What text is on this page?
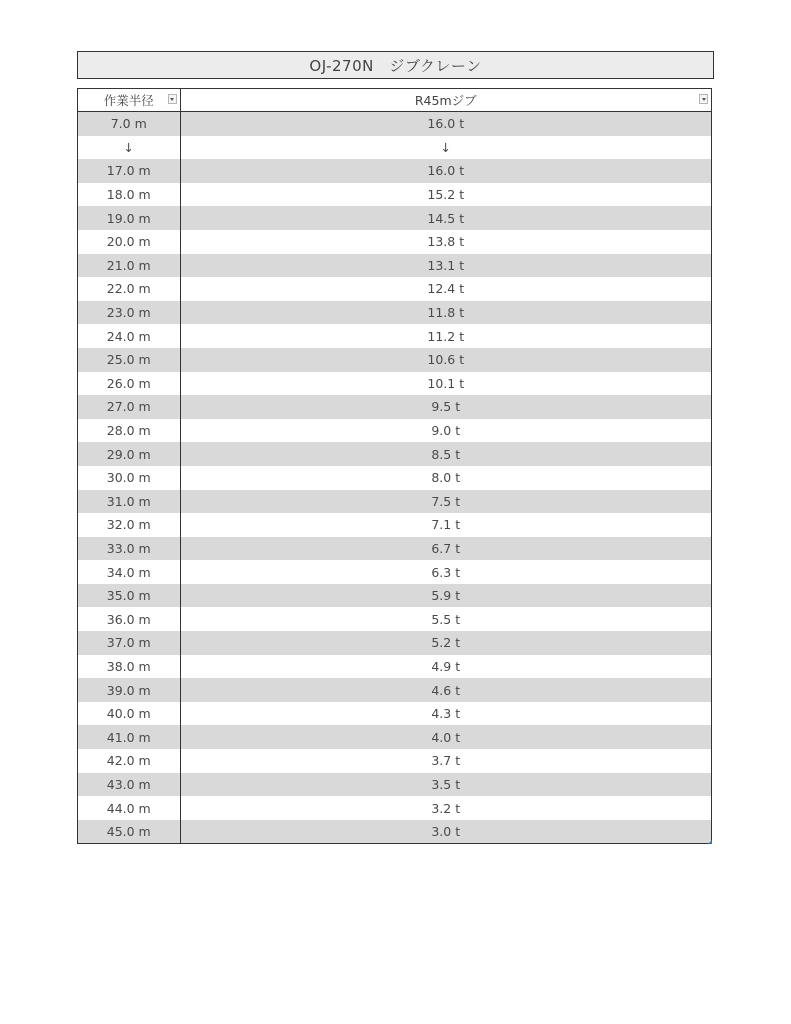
OJ-270N　ジブクレーン
作業半径	R45mジブ

7.0 m	16.0 t
↓	↓
17.0 m	16.0 t
18.0 m	15.2 t
19.0 m	14.5 t
20.0 m	13.8 t
21.0 m	13.1 t
22.0 m	12.4 t
23.0 m	11.8 t
24.0 m	11.2 t
25.0 m	10.6 t
26.0 m	10.1 t
27.0 m	9.5 t
28.0 m	9.0 t
29.0 m	8.5 t
30.0 m	8.0 t
31.0 m	7.5 t
32.0 m	7.1 t
33.0 m	6.7 t
34.0 m	6.3 t
35.0 m	5.9 t
36.0 m	5.5 t
37.0 m	5.2 t
38.0 m	4.9 t
39.0 m	4.6 t
40.0 m	4.3 t
41.0 m	4.0 t
42.0 m	3.7 t
43.0 m	3.5 t
44.0 m	3.2 t
45.0 m	3.0 t
